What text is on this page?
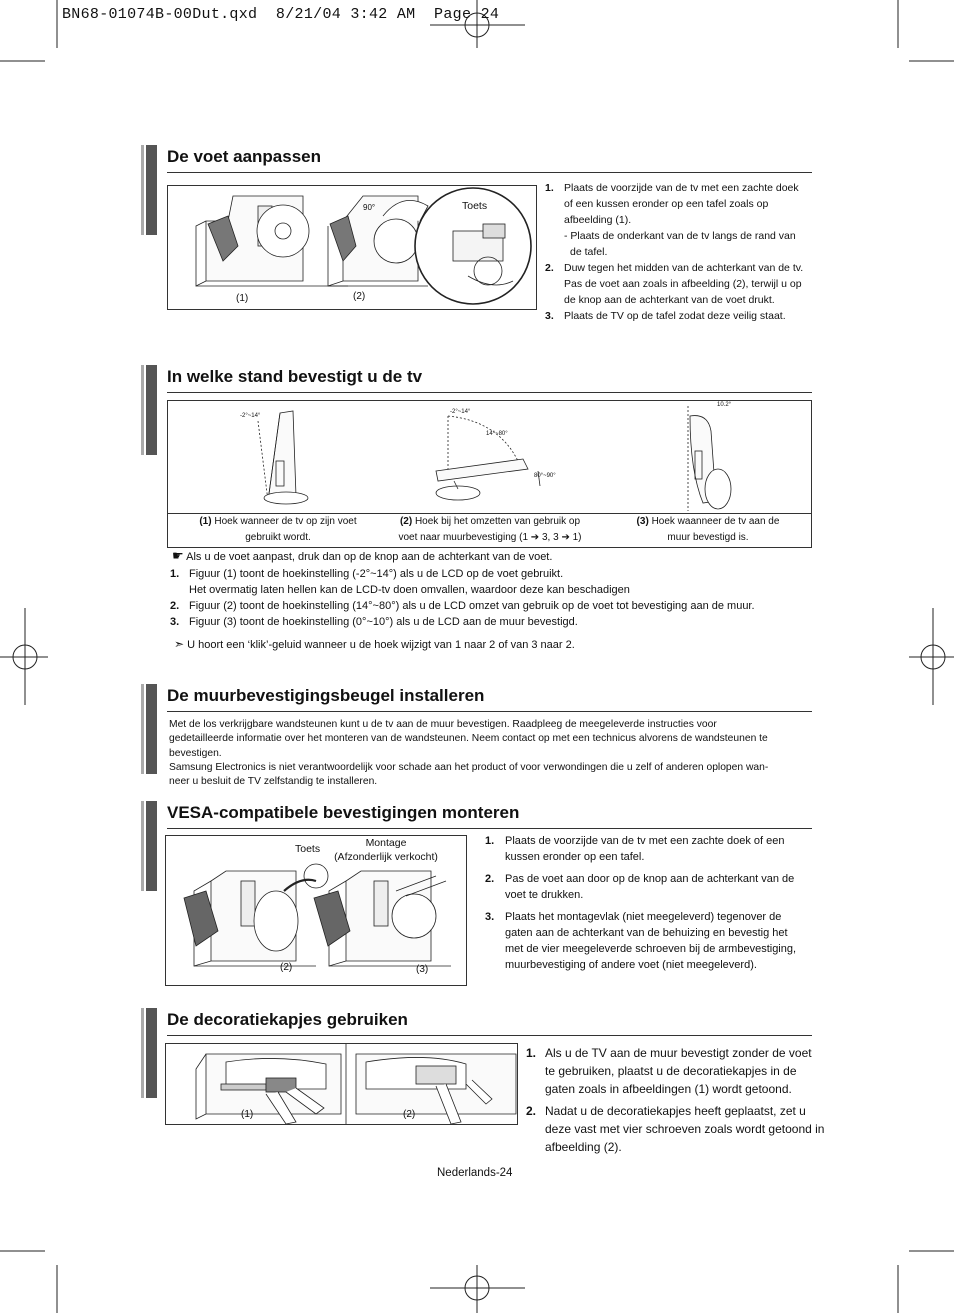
BN68-01074B-00Dut.qxd  8/21/04 3:42 AM  Page 24
De voet aanpassen
Toets
90°
(1)	(2)
1. Plaats de voorzijde van de tv met een zachte doek
of een kussen eronder op een tafel zoals op
afbeelding (1).
- Plaats de onderkant van de tv langs de rand van
de tafel.
2. Duw tegen het midden van de achterkant van de tv.
Pas de voet aan zoals in afbeelding (2), terwijl u op
de knop aan de achterkant van de voet drukt.
3. Plaats de TV op de tafel zodat deze veilig staat.
In welke stand bevestigt u de tv
-2°~14°
-2°~14°
14°~80°
80°~90°
10.2°
(1) Hoek wanneer de tv op zijn voet
gebruikt wordt.
(2) Hoek bij het omzetten van gebruik op
voet naar muurbevestiging (1 ➔ 3, 3 ➔ 1)
(3) Hoek waanneer de tv aan de
muur bevestigd is.
☛ Als u de voet aanpast, druk dan op de knop aan de achterkant van de voet.
1. Figuur (1) toont de hoekinstelling (-2°~14°) als u de LCD op de voet gebruikt.
Het overmatig laten hellen kan de LCD-tv doen omvallen, waardoor deze kan beschadigen
2. Figuur (2) toont de hoekinstelling (14°~80°) als u de LCD omzet van gebruik op de voet tot bevestiging aan de muur.
3. Figuur (3) toont de hoekinstelling (0°~10°) als u de LCD aan de muur bevestigd.
➣ U hoort een ‘klik’-geluid wanneer u de hoek wijzigt van 1 naar 2 of van 3 naar 2.
De muurbevestigingsbeugel installeren
Met de los verkrijgbare wandsteunen kunt u de tv aan de muur bevestigen. Raadpleeg de meegeleverde instructies voor
gedetailleerde informatie over het monteren van de wandsteunen. Neem contact op met een technicus alvorens de wandsteunen te
bevestigen.
Samsung Electronics is niet verantwoordelijk voor schade aan het product of voor verwondingen die u zelf of anderen oplopen wan-
neer u besluit de TV zelfstandig te installeren.
VESA-compatibele bevestigingen monteren
Toets	Montage
(Afzonderlijk verkocht)
(2)	(3)
1. Plaats de voorzijde van de tv met een zachte doek of een
kussen eronder op een tafel.
2. Pas de voet aan door op de knop aan de achterkant van de
voet te drukken.
3. Plaats het montagevlak (niet meegeleverd) tegenover de
gaten aan de achterkant van de behuizing en bevestig het
met de vier meegeleverde schroeven bij de armbevestiging,
muurbevestiging of andere voet (niet meegeleverd).
De decoratiekapjes gebruiken
(1)	(2)
1. Als u de TV aan de muur bevestigt zonder de voet
te gebruiken, plaatst u de decoratiekapjes in de
gaten zoals in afbeeldingen (1) wordt getoond.
2. Nadat u de decoratiekapjes heeft geplaatst, zet u
deze vast met vier schroeven zoals wordt getoond in
afbeelding (2).
Nederlands-24
